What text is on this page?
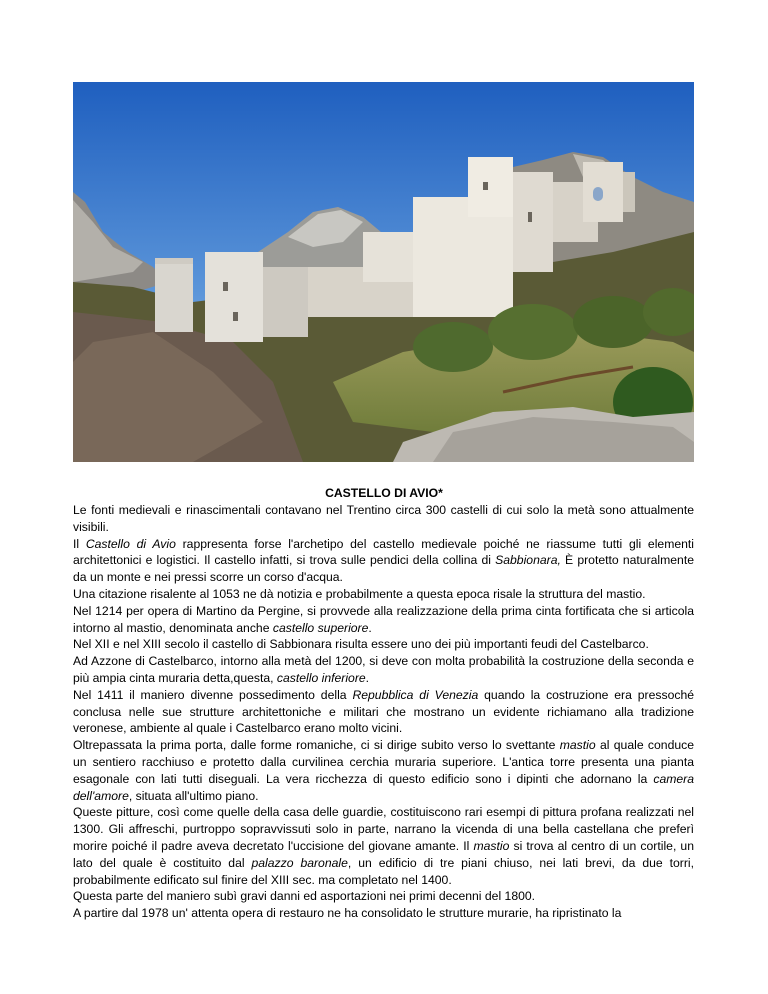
CASTELLO DI AVIO*

Le fonti medievali e rinascimentali contavano nel Trentino circa 300 castelli di cui solo la metà sono attualmente visibili.

Il Castello di Avio rappresenta forse l'archetipo del castello medievale poiché ne riassume tutti gli elementi architettonici e logistici. Il castello infatti, si trova sulle pendici della collina di Sabbionara, È protetto naturalmente da un monte e nei pressi scorre un corso d'acqua.

Una citazione risalente al 1053 ne dà notizia e probabilmente a questa epoca risale la struttura del mastio.

Nel 1214 per opera di Martino da Pergine, si provvede alla realizzazione della prima cinta fortificata che si articola intorno al mastio, denominata anche castello superiore.

Nel XII e nel XIII secolo il castello di Sabbionara risulta essere uno dei più importanti feudi del Castelbarco.

Ad Azzone di Castelbarco, intorno alla metà del 1200, si deve con molta probabilità la costruzione della seconda e più ampia cinta muraria detta,questa, castello inferiore.

Nel 1411 il maniero divenne possedimento della Repubblica di Venezia quando la costruzione era pressoché conclusa nelle sue strutture architettoniche e militari che mostrano un evidente richiamano alla tradizione veronese, ambiente al quale i Castelbarco erano molto vicini.

Oltrepassata la prima porta, dalle forme romaniche, ci si dirige subito verso lo svettante mastio al quale conduce un sentiero racchiuso e protetto dalla curvilinea cerchia muraria superiore. L'antica torre presenta una pianta esagonale con lati tutti diseguali. La vera ricchezza di questo edificio sono i dipinti che adornano la camera dell'amore, situata all'ultimo piano.

Queste pitture, così come quelle della casa delle guardie, costituiscono rari esempi di pittura profana realizzati nel 1300. Gli affreschi, purtroppo sopravvissuti solo in parte, narrano la vicenda di una bella castellana che preferì morire poiché il padre aveva decretato l'uccisione del giovane amante. Il mastio si trova al centro di un cortile, un lato del quale è costituito dal palazzo baronale, un edificio di tre piani chiuso, nei lati brevi, da due torri, probabilmente edificato sul finire del XIII sec. ma completato nel 1400.

Questa parte del maniero subì gravi danni ed asportazioni nei primi decenni del 1800.

A partire dal 1978 un' attenta opera di restauro ne ha consolidato le strutture murarie, ha ripristinato la
